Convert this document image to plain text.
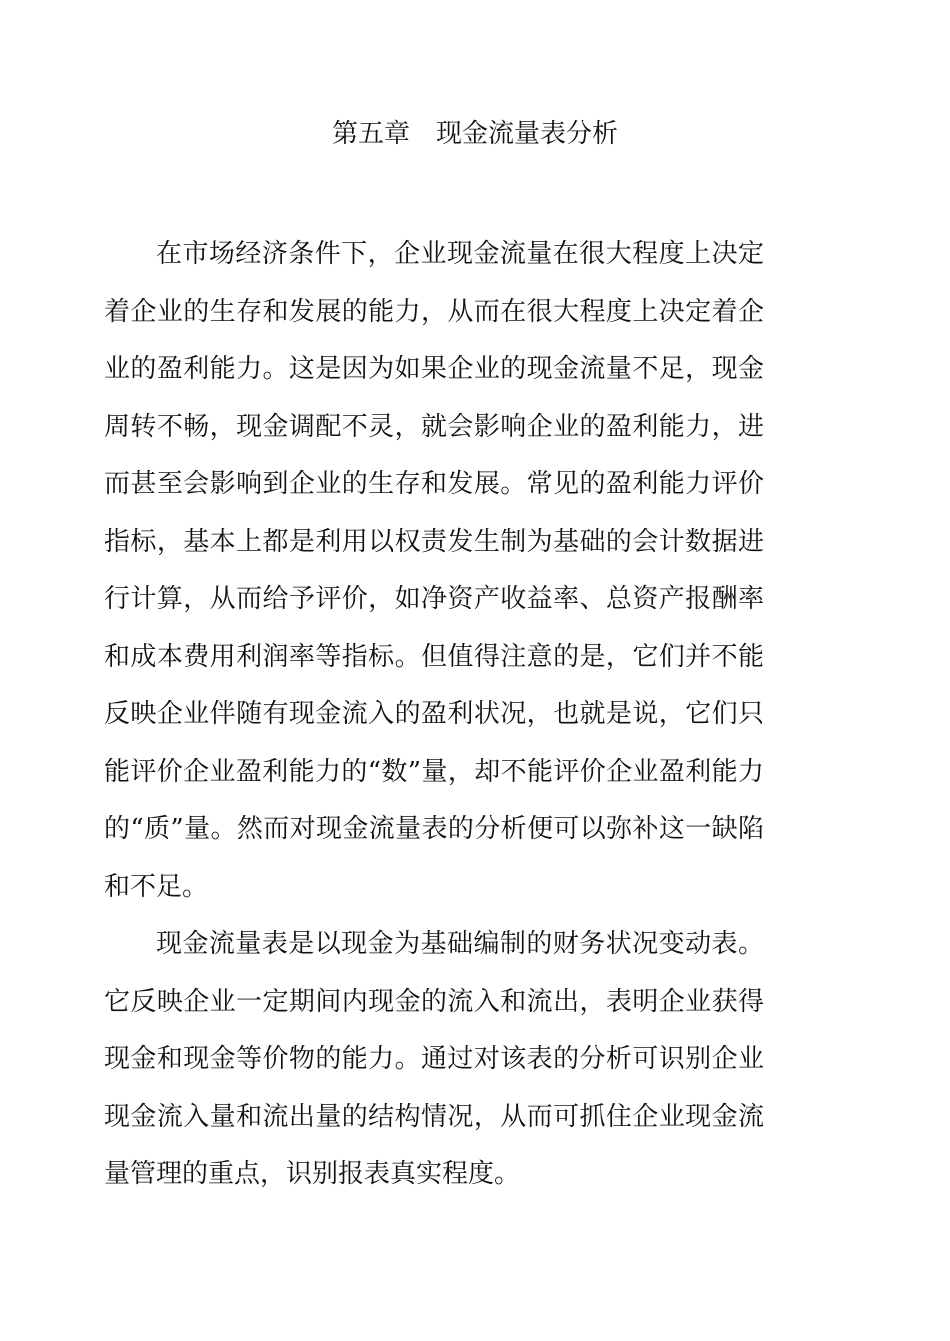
第五章　现金流量表分析

在市场经济条件下，企业现金流量在很大程度上决定着企业的生存和发展的能力，从而在很大程度上决定着企业的盈利能力。这是因为如果企业的现金流量不足，现金周转不畅，现金调配不灵，就会影响企业的盈利能力，进而甚至会影响到企业的生存和发展。常见的盈利能力评价指标，基本上都是利用以权责发生制为基础的会计数据进行计算，从而给予评价，如净资产收益率、总资产报酬率和成本费用利润率等指标。但值得注意的是，它们并不能反映企业伴随有现金流入的盈利状况，也就是说，它们只能评价企业盈利能力的“数”量，却不能评价企业盈利能力的“质”量。然而对现金流量表的分析便可以弥补这一缺陷和不足。

现金流量表是以现金为基础编制的财务状况变动表。它反映企业一定期间内现金的流入和流出，表明企业获得现金和现金等价物的能力。通过对该表的分析可识别企业现金流入量和流出量的结构情况，从而可抓住企业现金流量管理的重点，识别报表真实程度。
